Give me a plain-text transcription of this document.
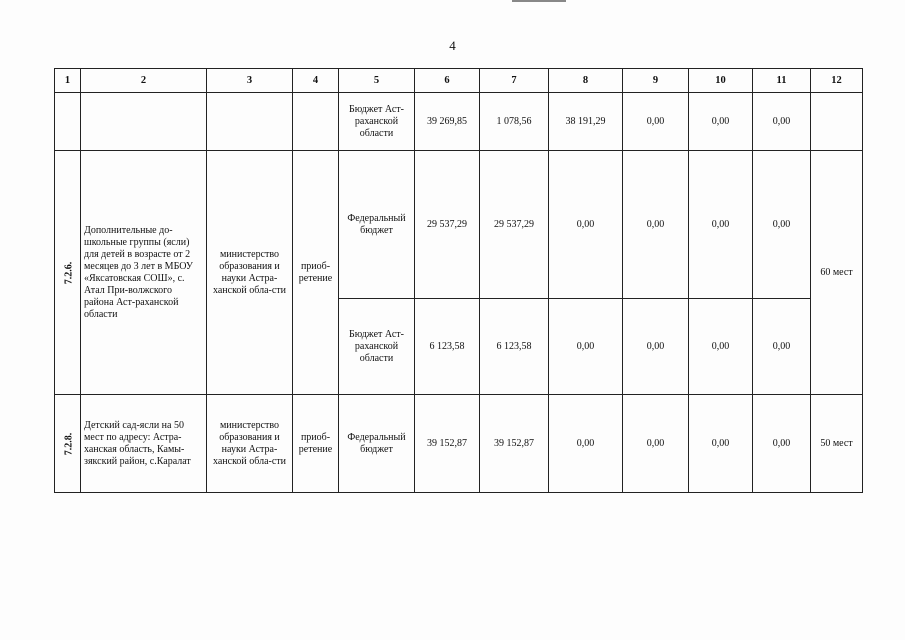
4
1	2	3	4	5	6	7	8	9	10	11	12
				Бюджет Аст-раханской области	39 269,85	1 078,56	38 191,29	0,00	0,00	0,00	
7.2.6.	Дополнительные до-школьные группы (ясли) для детей в возрасте от 2 месяцев до 3 лет в МБОУ «Яксатовская СОШ», с. Атал При-волжского района Аст-раханской области	министерство образования и науки Астра-ханской обла-сти	приоб-ретение	Федеральный бюджет	29 537,29	29 537,29	0,00	0,00	0,00	0,00	60 мест
				Бюджет Аст-раханской области	6 123,58	6 123,58	0,00	0,00	0,00	0,00	
7.2.8.	Детский сад-ясли на 50 мест по адресу: Астра-ханская область, Камы-зякский район, с.Каралат	министерство образования и науки Астра-ханской обла-сти	приоб-ретение	Федеральный бюджет	39 152,87	39 152,87	0,00	0,00	0,00	0,00	50 мест
